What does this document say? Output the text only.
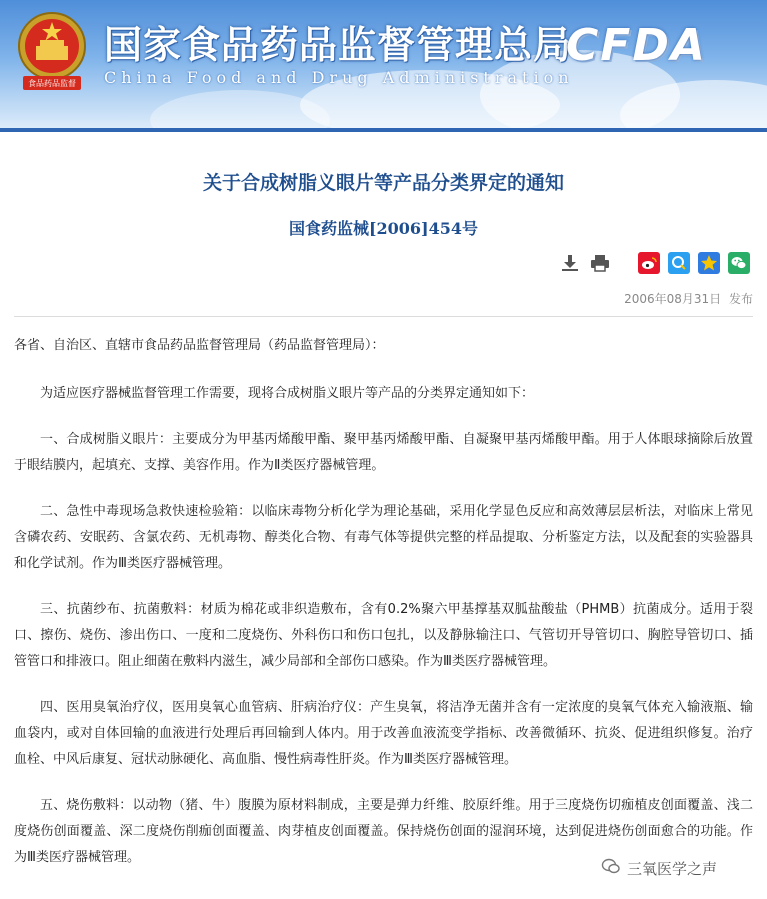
食品药品监督
国家食品药品监督管理总局
China Food and Drug Administration
CFDA
关于合成树脂义眼片等产品分类界定的通知
国食药监械[2006]454号
2006年08月31日 发布

各省、自治区、直辖市食品药品监督管理局（药品监督管理局）：

为适应医疗器械监督管理工作需要，现将合成树脂义眼片等产品的分类界定通知如下：

一、合成树脂义眼片：主要成分为甲基丙烯酸甲酯、聚甲基丙烯酸甲酯、自凝聚甲基丙烯酸甲酯。用于人体眼球摘除后放置于眼结膜内，起填充、支撑、美容作用。作为Ⅱ类医疗器械管理。

二、急性中毒现场急救快速检验箱：以临床毒物分析化学为理论基础，采用化学显色反应和高效薄层层析法，对临床上常见含磷农药、安眠药、含氯农药、无机毒物、醇类化合物、有毒气体等提供完整的样品提取、分析鉴定方法，以及配套的实验器具和化学试剂。作为Ⅲ类医疗器械管理。

三、抗菌纱布、抗菌敷料：材质为棉花或非织造敷布，含有0.2%聚六甲基撑基双胍盐酸盐（PHMB）抗菌成分。适用于裂口、擦伤、烧伤、渗出伤口、一度和二度烧伤、外科伤口和伤口包扎，以及静脉输注口、气管切开导管切口、胸腔导管切口、插管管口和排液口。阻止细菌在敷料内滋生，减少局部和全部伤口感染。作为Ⅲ类医疗器械管理。

四、医用臭氧治疗仪，医用臭氧心血管病、肝病治疗仪：产生臭氧，将洁净无菌并含有一定浓度的臭氧气体充入输液瓶、输血袋内，或对自体回输的血液进行处理后再回输到人体内。用于改善血液流变学指标、改善微循环、抗炎、促进组织修复。治疗血栓、中风后康复、冠状动脉硬化、高血脂、慢性病毒性肝炎。作为Ⅲ类医疗器械管理。

五、烧伤敷料：以动物（猪、牛）腹膜为原材料制成，主要是弹力纤维、胶原纤维。用于三度烧伤切痂植皮创面覆盖、浅二度烧伤创面覆盖、深二度烧伤削痂创面覆盖、肉芽植皮创面覆盖。保持烧伤创面的湿润环境，达到促进烧伤创面愈合的功能。作为Ⅲ类医疗器械管理。

三氧医学之声
